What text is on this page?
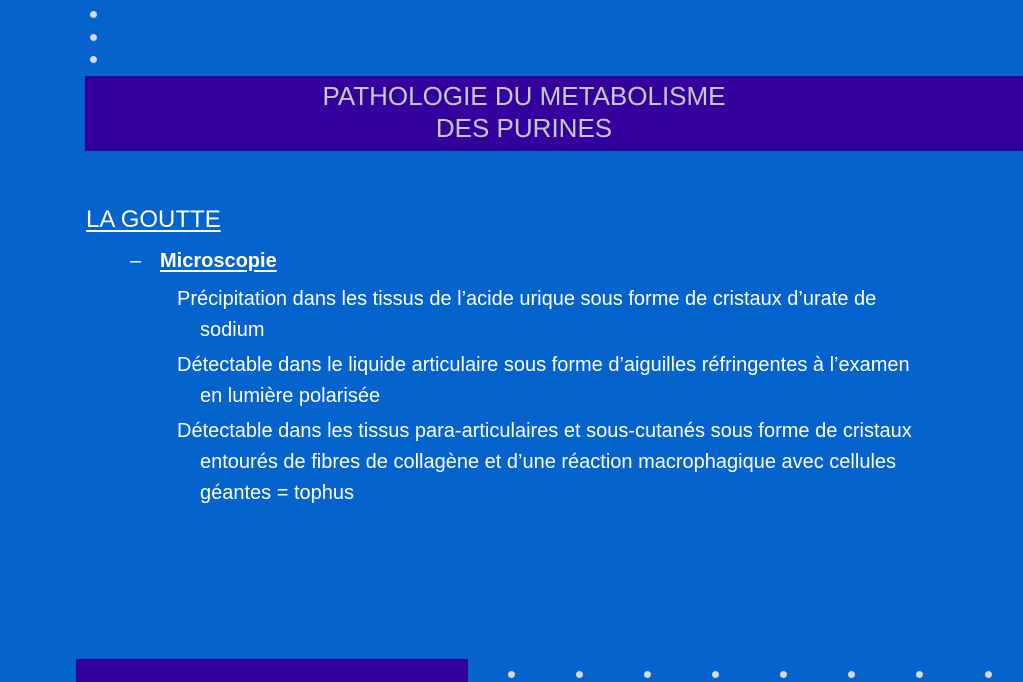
PATHOLOGIE DU METABOLISME
DES PURINES
LA GOUTTE
– Microscopie

Précipitation dans les tissus de l’acide urique sous forme de cristaux d’urate de sodium

Détectable dans le liquide articulaire sous forme d’aiguilles réfringentes à l’examen en lumière polarisée

Détectable dans les tissus para-articulaires et sous-cutanés sous forme de cristaux entourés de fibres de collagène et d’une réaction macrophagique avec cellules géantes = tophus
